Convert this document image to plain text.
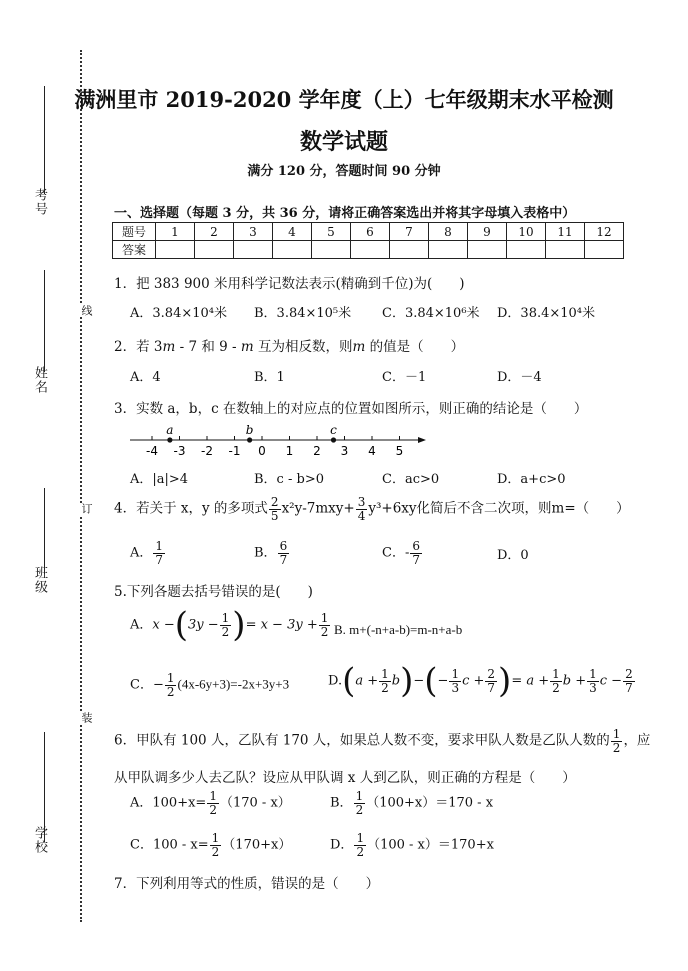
考号
姓名
班级
学校
线
订
装
满洲里市 2019-2020 学年度（上）七年级期末水平检测
数学试题
满分 120 分，答题时间 90 分钟
一、选择题（每题 3 分，共 36 分，请将正确答案选出并将其字母填入表格中）
题号	1	2	3	4	5	6	7	8	9	10	11	12
答案												
1．把 383 900 米用科学记数法表示(精确到千位)为(　　)
A．3.84×10⁴米 B．3.84×10⁵米 C．3.84×10⁶米 D．38.4×10⁴米
2．若 3m - 7 和 9 - m 互为相反数，则m 的值是（　　）
A．4	B．1	C．－1	D．－4
3．实数 a，b，c 在数轴上的对应点的位置如图所示，则正确的结论是（　　）
-4 -3 -2 -1 0 1 2 3 4 5
a	b	c
A．|a|>4	B．c - b>0	C．ac>0	D．a+c>0
4．若关于 x，y 的多项式 $\frac{2}{5} x^2y-7mxy+ \frac{3}{4} y^3+6xy$化简后不含二次项，则m=（　　）
A． $\frac{1}{7}$	B． $\frac{6}{7}$	C．- $\frac{6}{7}$	D．0
5.下列各题去括号错误的是(　　)
A．$x -(3y - \frac{1}{2}$ )= $x - 3y + \frac{1}{2} B$. m+(-n+a-b)=m-n+a-b
C．− $\frac{1}{2} (4x-6y+3)=-2x+3y+3$	$D.(a + \frac{1}{2} b)-(- \frac{1}{3}$ $c + \frac{2}{7}$ )= $a + \frac{1}{2}$ $b + \frac{1}{3}$ $c - \frac{2}{7}$
6．甲队有 100 人，乙队有 170 人，如果总人数不变，要求甲队人数是乙队人数的 $\frac{1}{2}$ ，应
从甲队调多少人去乙队？设应从甲队调 x 人到乙队，则正确的方程是（　　）
A．$100+x= \frac{1}{2} (170 - x)$	B． $\frac{1}{2} (100+x)=170 - x$
C．$100 - x= \frac{1}{2} (170+x)$	D． $\frac{1}{2} (100 - x)=170+x$
7．下列利用等式的性质，错误的是（　　）
